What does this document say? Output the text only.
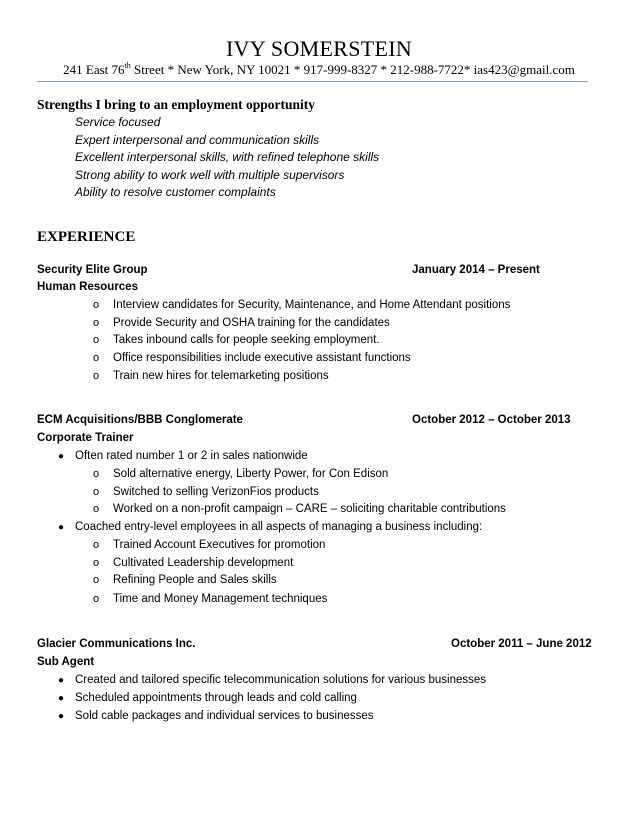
IVY SOMERSTEIN
241 East 76th Street * New York, NY 10021 * 917-999-8327 * 212-988-7722* ias423@gmail.com
Strengths I bring to an employment opportunity
Service focused
Expert interpersonal and communication skills
Excellent interpersonal skills, with refined telephone skills
Strong ability to work well with multiple supervisors
Ability to resolve customer complaints
EXPERIENCE
Security Elite Group	January 2014 – Present
Human Resources
o Interview candidates for Security, Maintenance, and Home Attendant positions
o Provide Security and OSHA training for the candidates
o Takes inbound calls for people seeking employment.
o Office responsibilities include executive assistant functions
o Train new hires for telemarketing positions
ECM Acquisitions/BBB Conglomerate	October 2012 – October 2013
Corporate Trainer
● Often rated number 1 or 2 in sales nationwide
o Sold alternative energy, Liberty Power, for Con Edison
o Switched to selling VerizonFios products
o Worked on a non-profit campaign – CARE – soliciting charitable contributions
● Coached entry-level employees in all aspects of managing a business including:
o Trained Account Executives for promotion
o Cultivated Leadership development
o Refining People and Sales skills
o Time and Money Management techniques
Glacier Communications Inc.	October 2011 – June 2012
Sub Agent
● Created and tailored specific telecommunication solutions for various businesses
● Scheduled appointments through leads and cold calling
● Sold cable packages and individual services to businesses
